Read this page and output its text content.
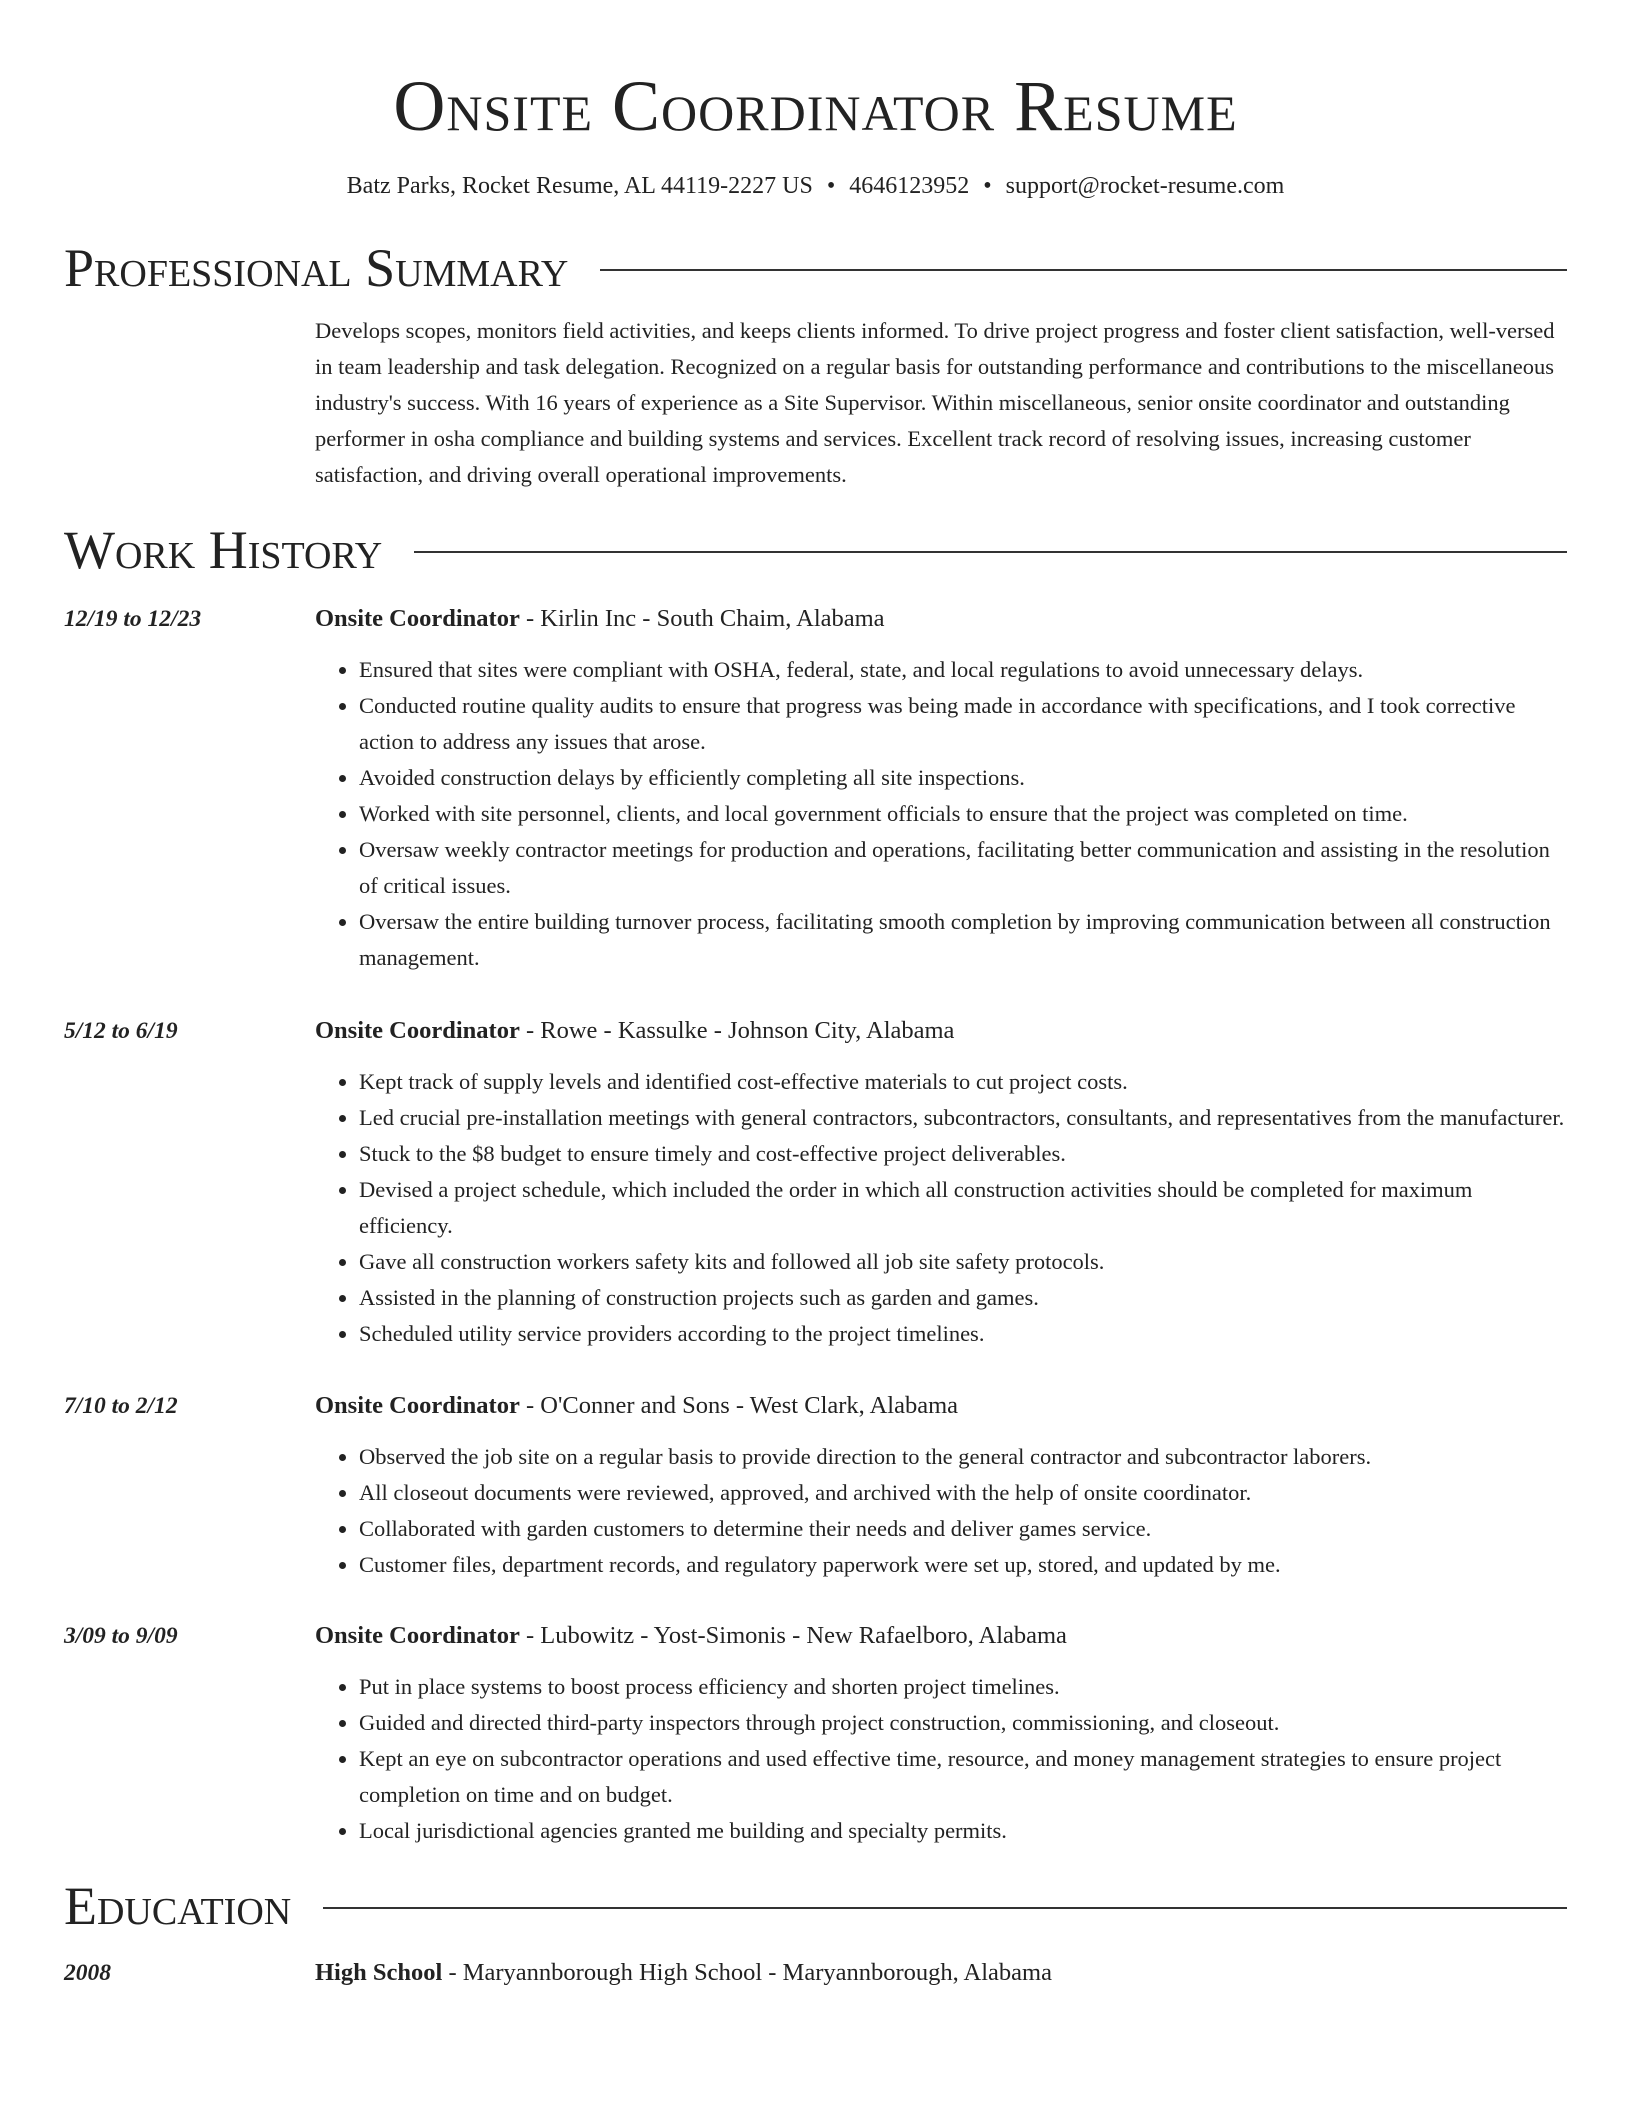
Onsite Coordinator Resume
Batz Parks, Rocket Resume, AL 44119-2227 US • 4646123952 • support@rocket-resume.com
Professional Summary

Develops scopes, monitors field activities, and keeps clients informed. To drive project progress and foster client satisfaction, well-versed in team leadership and task delegation. Recognized on a regular basis for outstanding performance and contributions to the miscellaneous industry's success. With 16 years of experience as a Site Supervisor. Within miscellaneous, senior onsite coordinator and outstanding performer in osha compliance and building systems and services. Excellent track record of resolving issues, increasing customer satisfaction, and driving overall operational improvements.

Work History
12/19 to 12/23	Onsite Coordinator - Kirlin Inc - South Chaim, Alabama
• Ensured that sites were compliant with OSHA, federal, state, and local regulations to avoid unnecessary delays.
• Conducted routine quality audits to ensure that progress was being made in accordance with specifications, and I took corrective action to address any issues that arose.
• Avoided construction delays by efficiently completing all site inspections.
• Worked with site personnel, clients, and local government officials to ensure that the project was completed on time.
• Oversaw weekly contractor meetings for production and operations, facilitating better communication and assisting in the resolution of critical issues.
• Oversaw the entire building turnover process, facilitating smooth completion by improving communication between all construction management.
5/12 to 6/19	Onsite Coordinator - Rowe - Kassulke - Johnson City, Alabama
• Kept track of supply levels and identified cost-effective materials to cut project costs.
• Led crucial pre-installation meetings with general contractors, subcontractors, consultants, and representatives from the manufacturer.
• Stuck to the $8 budget to ensure timely and cost-effective project deliverables.
• Devised a project schedule, which included the order in which all construction activities should be completed for maximum efficiency.
• Gave all construction workers safety kits and followed all job site safety protocols.
• Assisted in the planning of construction projects such as garden and games.
• Scheduled utility service providers according to the project timelines.
7/10 to 2/12	Onsite Coordinator - O'Conner and Sons - West Clark, Alabama
• Observed the job site on a regular basis to provide direction to the general contractor and subcontractor laborers.
• All closeout documents were reviewed, approved, and archived with the help of onsite coordinator.
• Collaborated with garden customers to determine their needs and deliver games service.
• Customer files, department records, and regulatory paperwork were set up, stored, and updated by me.
3/09 to 9/09	Onsite Coordinator - Lubowitz - Yost-Simonis - New Rafaelboro, Alabama
• Put in place systems to boost process efficiency and shorten project timelines.
• Guided and directed third-party inspectors through project construction, commissioning, and closeout.
• Kept an eye on subcontractor operations and used effective time, resource, and money management strategies to ensure project completion on time and on budget.
• Local jurisdictional agencies granted me building and specialty permits.
Education
2008	High School - Maryannborough High School - Maryannborough, Alabama
